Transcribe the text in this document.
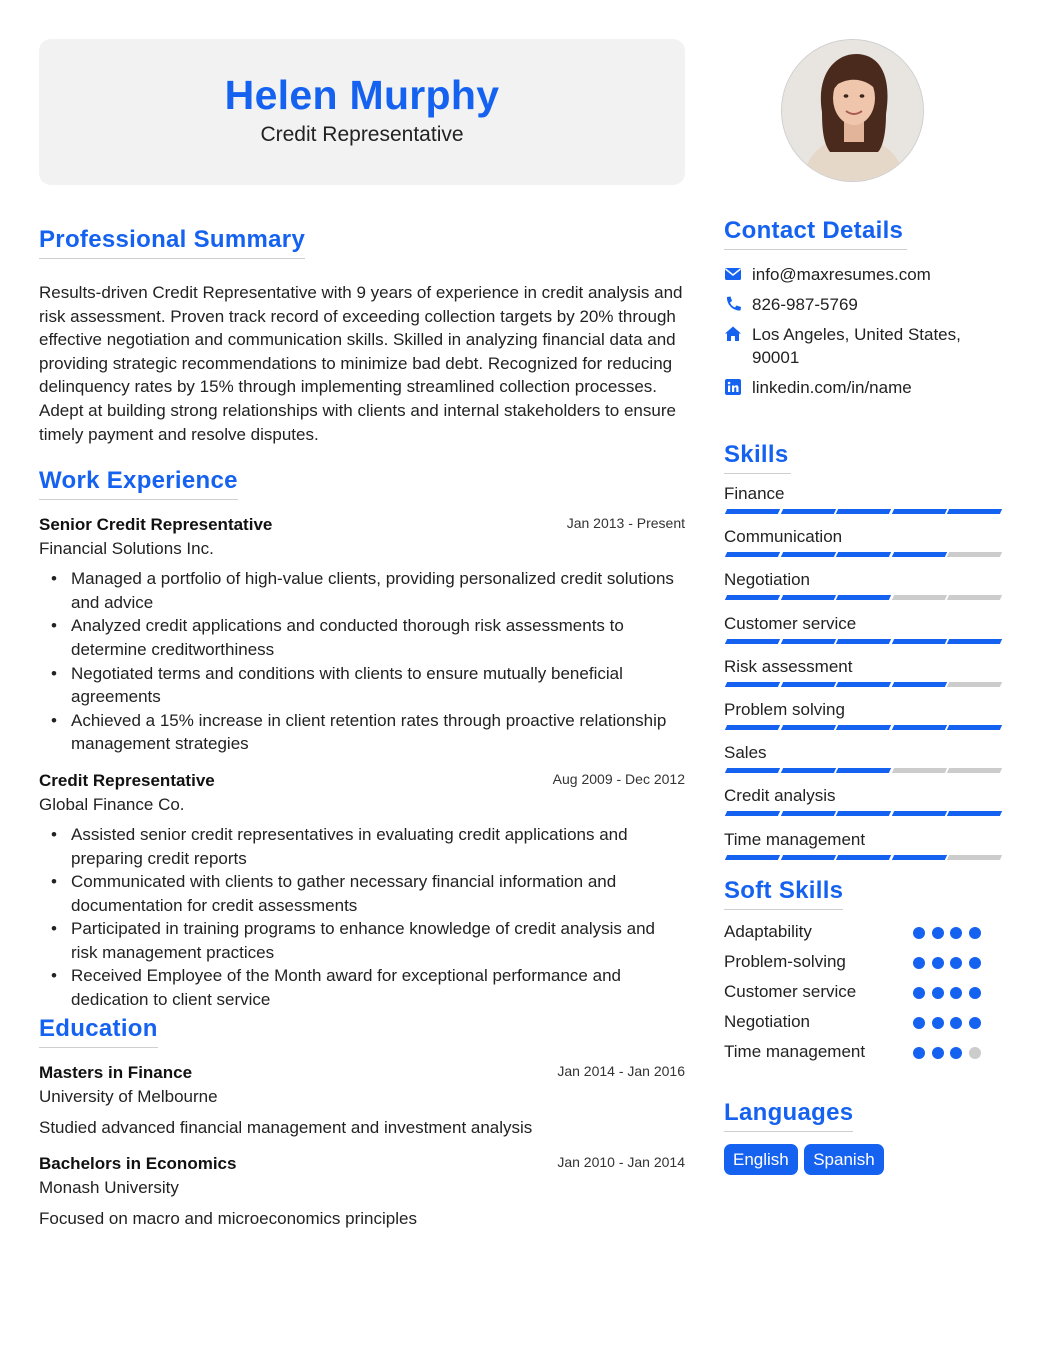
Helen Murphy
Credit Representative
Professional Summary

Results-driven Credit Representative with 9 years of experience in credit analysis and risk assessment. Proven track record of exceeding collection targets by 20% through effective negotiation and communication skills. Skilled in analyzing financial data and providing strategic recommendations to minimize bad debt. Recognized for reducing delinquency rates by 15% through implementing streamlined collection processes. Adept at building strong relationships with clients and internal stakeholders to ensure timely payment and resolve disputes.

Work Experience
Senior Credit Representative	Jan 2013 - Present
Financial Solutions Inc.
• Managed a portfolio of high-value clients, providing personalized credit solutions and advice
• Analyzed credit applications and conducted thorough risk assessments to determine creditworthiness
• Negotiated terms and conditions with clients to ensure mutually beneficial agreements
• Achieved a 15% increase in client retention rates through proactive relationship management strategies
Credit Representative	Aug 2009 - Dec 2012
Global Finance Co.
• Assisted senior credit representatives in evaluating credit applications and preparing credit reports
• Communicated with clients to gather necessary financial information and documentation for credit assessments
• Participated in training programs to enhance knowledge of credit analysis and risk management practices
• Received Employee of the Month award for exceptional performance and dedication to client service
Education
Masters in Finance	Jan 2014 - Jan 2016
University of Melbourne
Studied advanced financial management and investment analysis
Bachelors in Economics	Jan 2010 - Jan 2014
Monash University
Focused on macro and microeconomics principles
Contact Details
info@maxresumes.com
826-987-5769
Los Angeles, United States, 90001
linkedin.com/in/name
Skills
Finance
Communication
Negotiation
Customer service
Risk assessment
Problem solving
Sales
Credit analysis
Time management
Soft Skills
Adaptability
Problem-solving
Customer service
Negotiation
Time management
Languages
English Spanish
